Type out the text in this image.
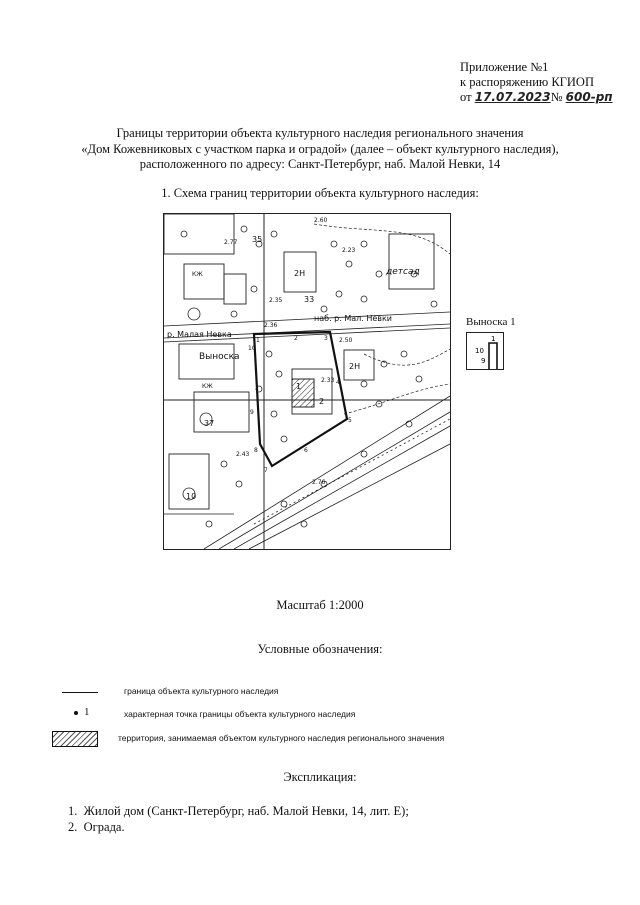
Приложение №1
к распоряжению КГИОП
от 17.07.2023№ 600-рп
Границы территории объекта культурного наследия регионального значения
«Дом Кожевниковых с участком парка и оградой» (далее – объект культурного наследия),
расположенного по адресу: Санкт-Петербург, наб. Малой Невки, 14
1. Схема границ территории объекта культурного наследия:
р. Малая Невка
наб. р. Мал. Невки
Выноска
детсад
2Н
2Н
КЖ
КЖ
35
33
37
10
1
2
2.60
2.23
2.77
2.35
2.36
2.50
2.33
2.43
2.76
1	2	3
4
5
6
7
8
9
10
Выноска 1
1
10
9
Масштаб 1:2000
Условные обозначения:
граница объекта культурного наследия
1	характерная точка границы объекта культурного наследия
территория, занимаемая объектом культурного наследия регионального значения
Экспликация:
1. Жилой дом (Санкт-Петербург, наб. Малой Невки, 14, лит. Е);
2. Ограда.
